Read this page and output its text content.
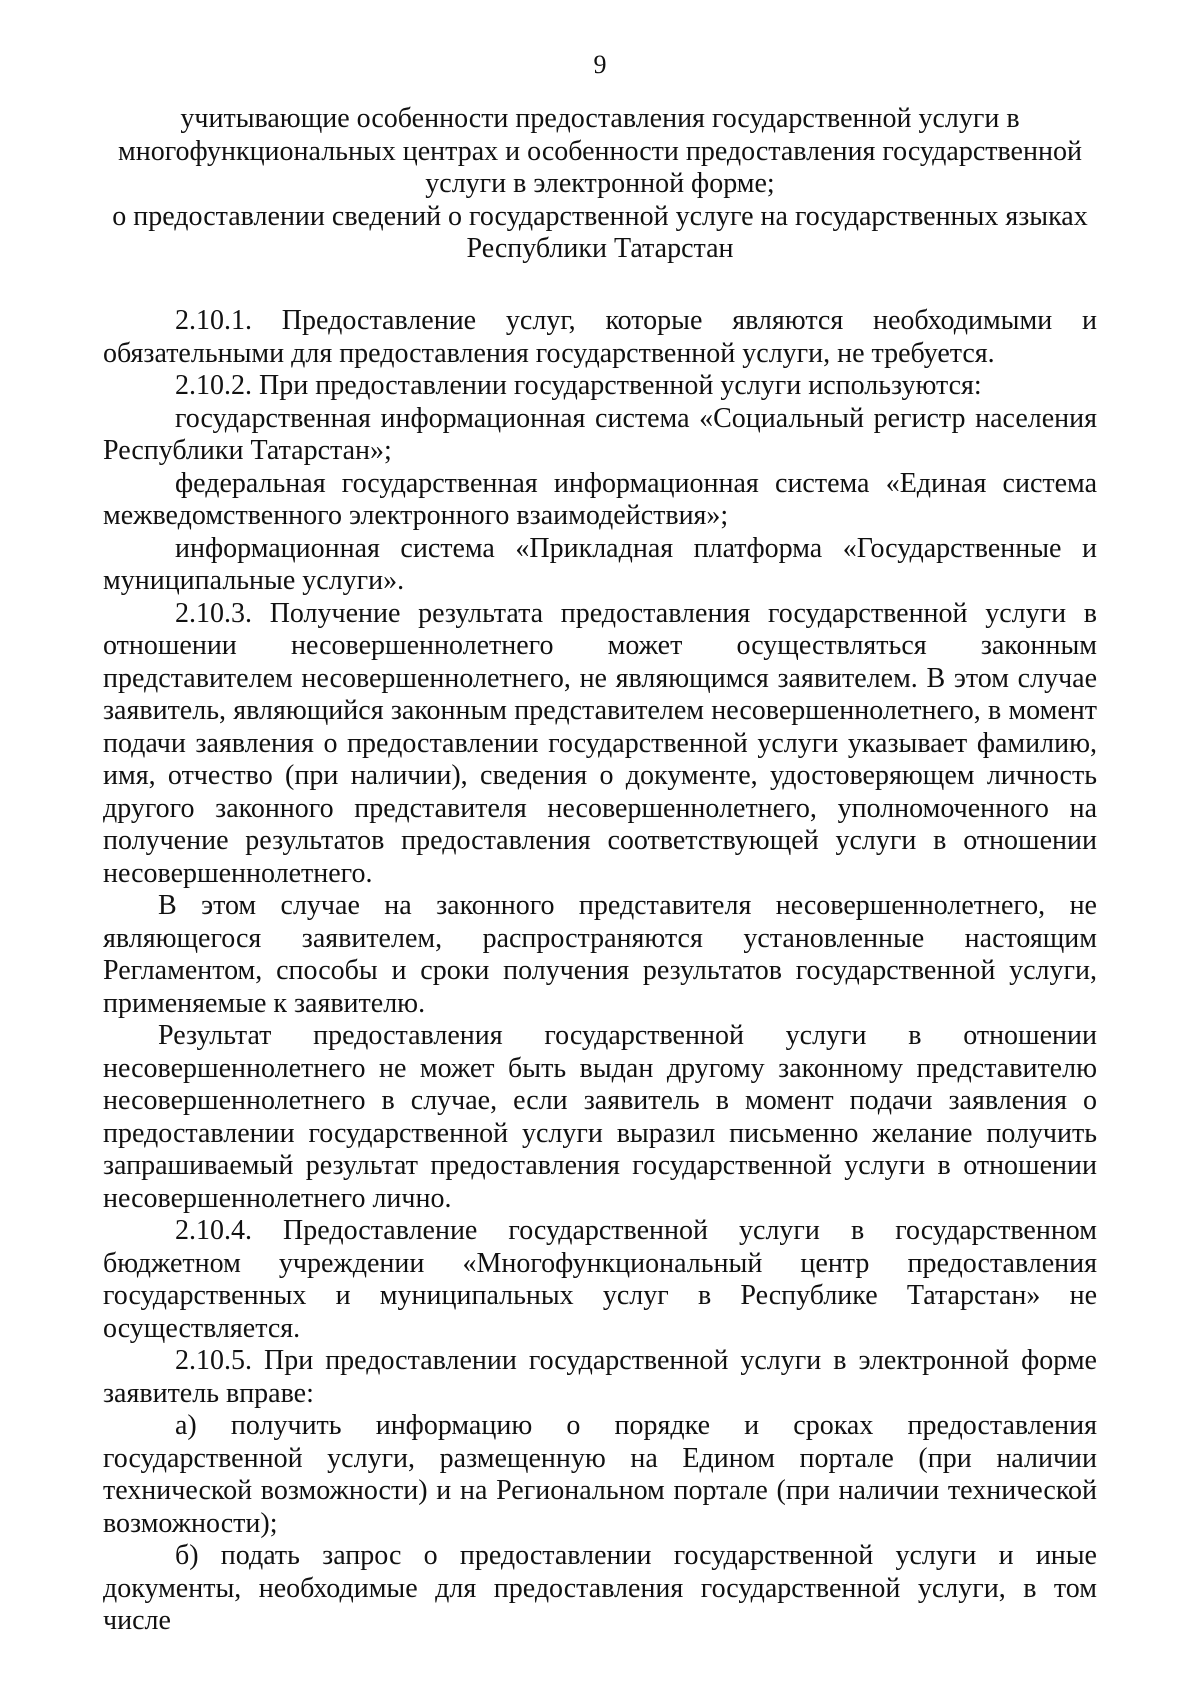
9
учитывающие особенности предоставления государственной услуги в
многофункциональных центрах и особенности предоставления государственной
услуги в электронной форме;
о предоставлении сведений о государственной услуге на государственных языках
Республики Татарстан

2.10.1. Предоставление услуг, которые являются необходимыми и обязательными для предоставления государственной услуги, не требуется.

2.10.2. При предоставлении государственной услуги используются:

государственная информационная система «Социальный регистр населения Республики Татарстан»;

федеральная государственная информационная система «Единая система межведомственного электронного взаимодействия»;

информационная система «Прикладная платформа «Государственные и муниципальные услуги».

2.10.3. Получение результата предоставления государственной услуги в отношении несовершеннолетнего может осуществляться законным представителем несовершеннолетнего, не являющимся заявителем. В этом случае заявитель, являющийся законным представителем несовершеннолетнего, в момент подачи заявления о предоставлении государственной услуги указывает фамилию, имя, отчество (при наличии), сведения о документе, удостоверяющем личность другого законного представителя несовершеннолетнего, уполномоченного на получение результатов предоставления соответствующей услуги в отношении несовершеннолетнего.

В этом случае на законного представителя несовершеннолетнего, не являющегося заявителем, распространяются установленные настоящим Регламентом, способы и сроки получения результатов государственной услуги, применяемые к заявителю.

Результат предоставления государственной услуги в отношении несовершеннолетнего не может быть выдан другому законному представителю несовершеннолетнего в случае, если заявитель в момент подачи заявления о предоставлении государственной услуги выразил письменно желание получить запрашиваемый результат предоставления государственной услуги в отношении несовершеннолетнего лично.

2.10.4. Предоставление государственной услуги в государственном бюджетном учреждении «Многофункциональный центр предоставления государственных и муниципальных услуг в Республике Татарстан» не осуществляется.

2.10.5. При предоставлении государственной услуги в электронной форме заявитель вправе:

а) получить информацию о порядке и сроках предоставления государственной услуги, размещенную на Едином портале (при наличии технической возможности) и на Региональном портале (при наличии технической возможности);

б) подать запрос о предоставлении государственной услуги и иные документы, необходимые для предоставления государственной услуги, в том числе
